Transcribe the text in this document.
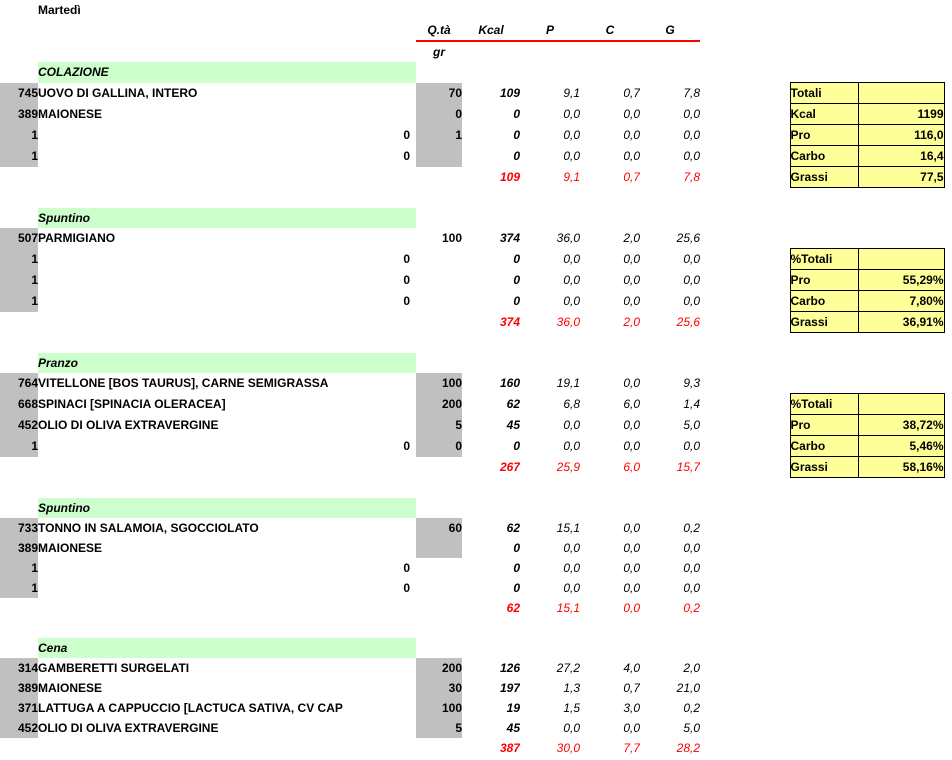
	Martedì										
		Q.tà	Kcal	P	C	G					
		gr									
	COLAZIONE										
745	UOVO DI GALLINA, INTERO	70	109	9,1	0,7	7,8			Totali		
389	MAIONESE	0	0	0,0	0,0	0,0			Kcal	1199	
1	0	1	0	0,0	0,0	0,0			Pro	116,0	
1	0		0	0,0	0,0	0,0			Carbo	16,4	
			109	9,1	0,7	7,8			Grassi	77,5	

	Spuntino										
507	PARMIGIANO	100	374	36,0	2,0	25,6					
1	0		0	0,0	0,0	0,0			%Totali		
1	0		0	0,0	0,0	0,0			Pro	55,29%	
1	0		0	0,0	0,0	0,0			Carbo	7,80%	
			374	36,0	2,0	25,6			Grassi	36,91%	

	Pranzo										
764	VITELLONE [BOS TAURUS], CARNE SEMIGRASSA	100	160	19,1	0,0	9,3					
668	SPINACI [SPINACIA OLERACEA]	200	62	6,8	6,0	1,4			%Totali		
452	OLIO DI OLIVA EXTRAVERGINE	5	45	0,0	0,0	5,0			Pro	38,72%	
1	0	0	0	0,0	0,0	0,0			Carbo	5,46%	
			267	25,9	6,0	15,7			Grassi	58,16%	

	Spuntino										
733	TONNO IN SALAMOIA, SGOCCIOLATO	60	62	15,1	0,0	0,2					
389	MAIONESE		0	0,0	0,0	0,0					
1	0		0	0,0	0,0	0,0					
1	0		0	0,0	0,0	0,0					
			62	15,1	0,0	0,2					

	Cena										
314	GAMBERETTI SURGELATI	200	126	27,2	4,0	2,0					
389	MAIONESE	30	197	1,3	0,7	21,0					
371	LATTUGA A CAPPUCCIO [LACTUCA SATIVA, CV CAP	100	19	1,5	3,0	0,2					
452	OLIO DI OLIVA EXTRAVERGINE	5	45	0,0	0,0	5,0					
			387	30,0	7,7	28,2					
